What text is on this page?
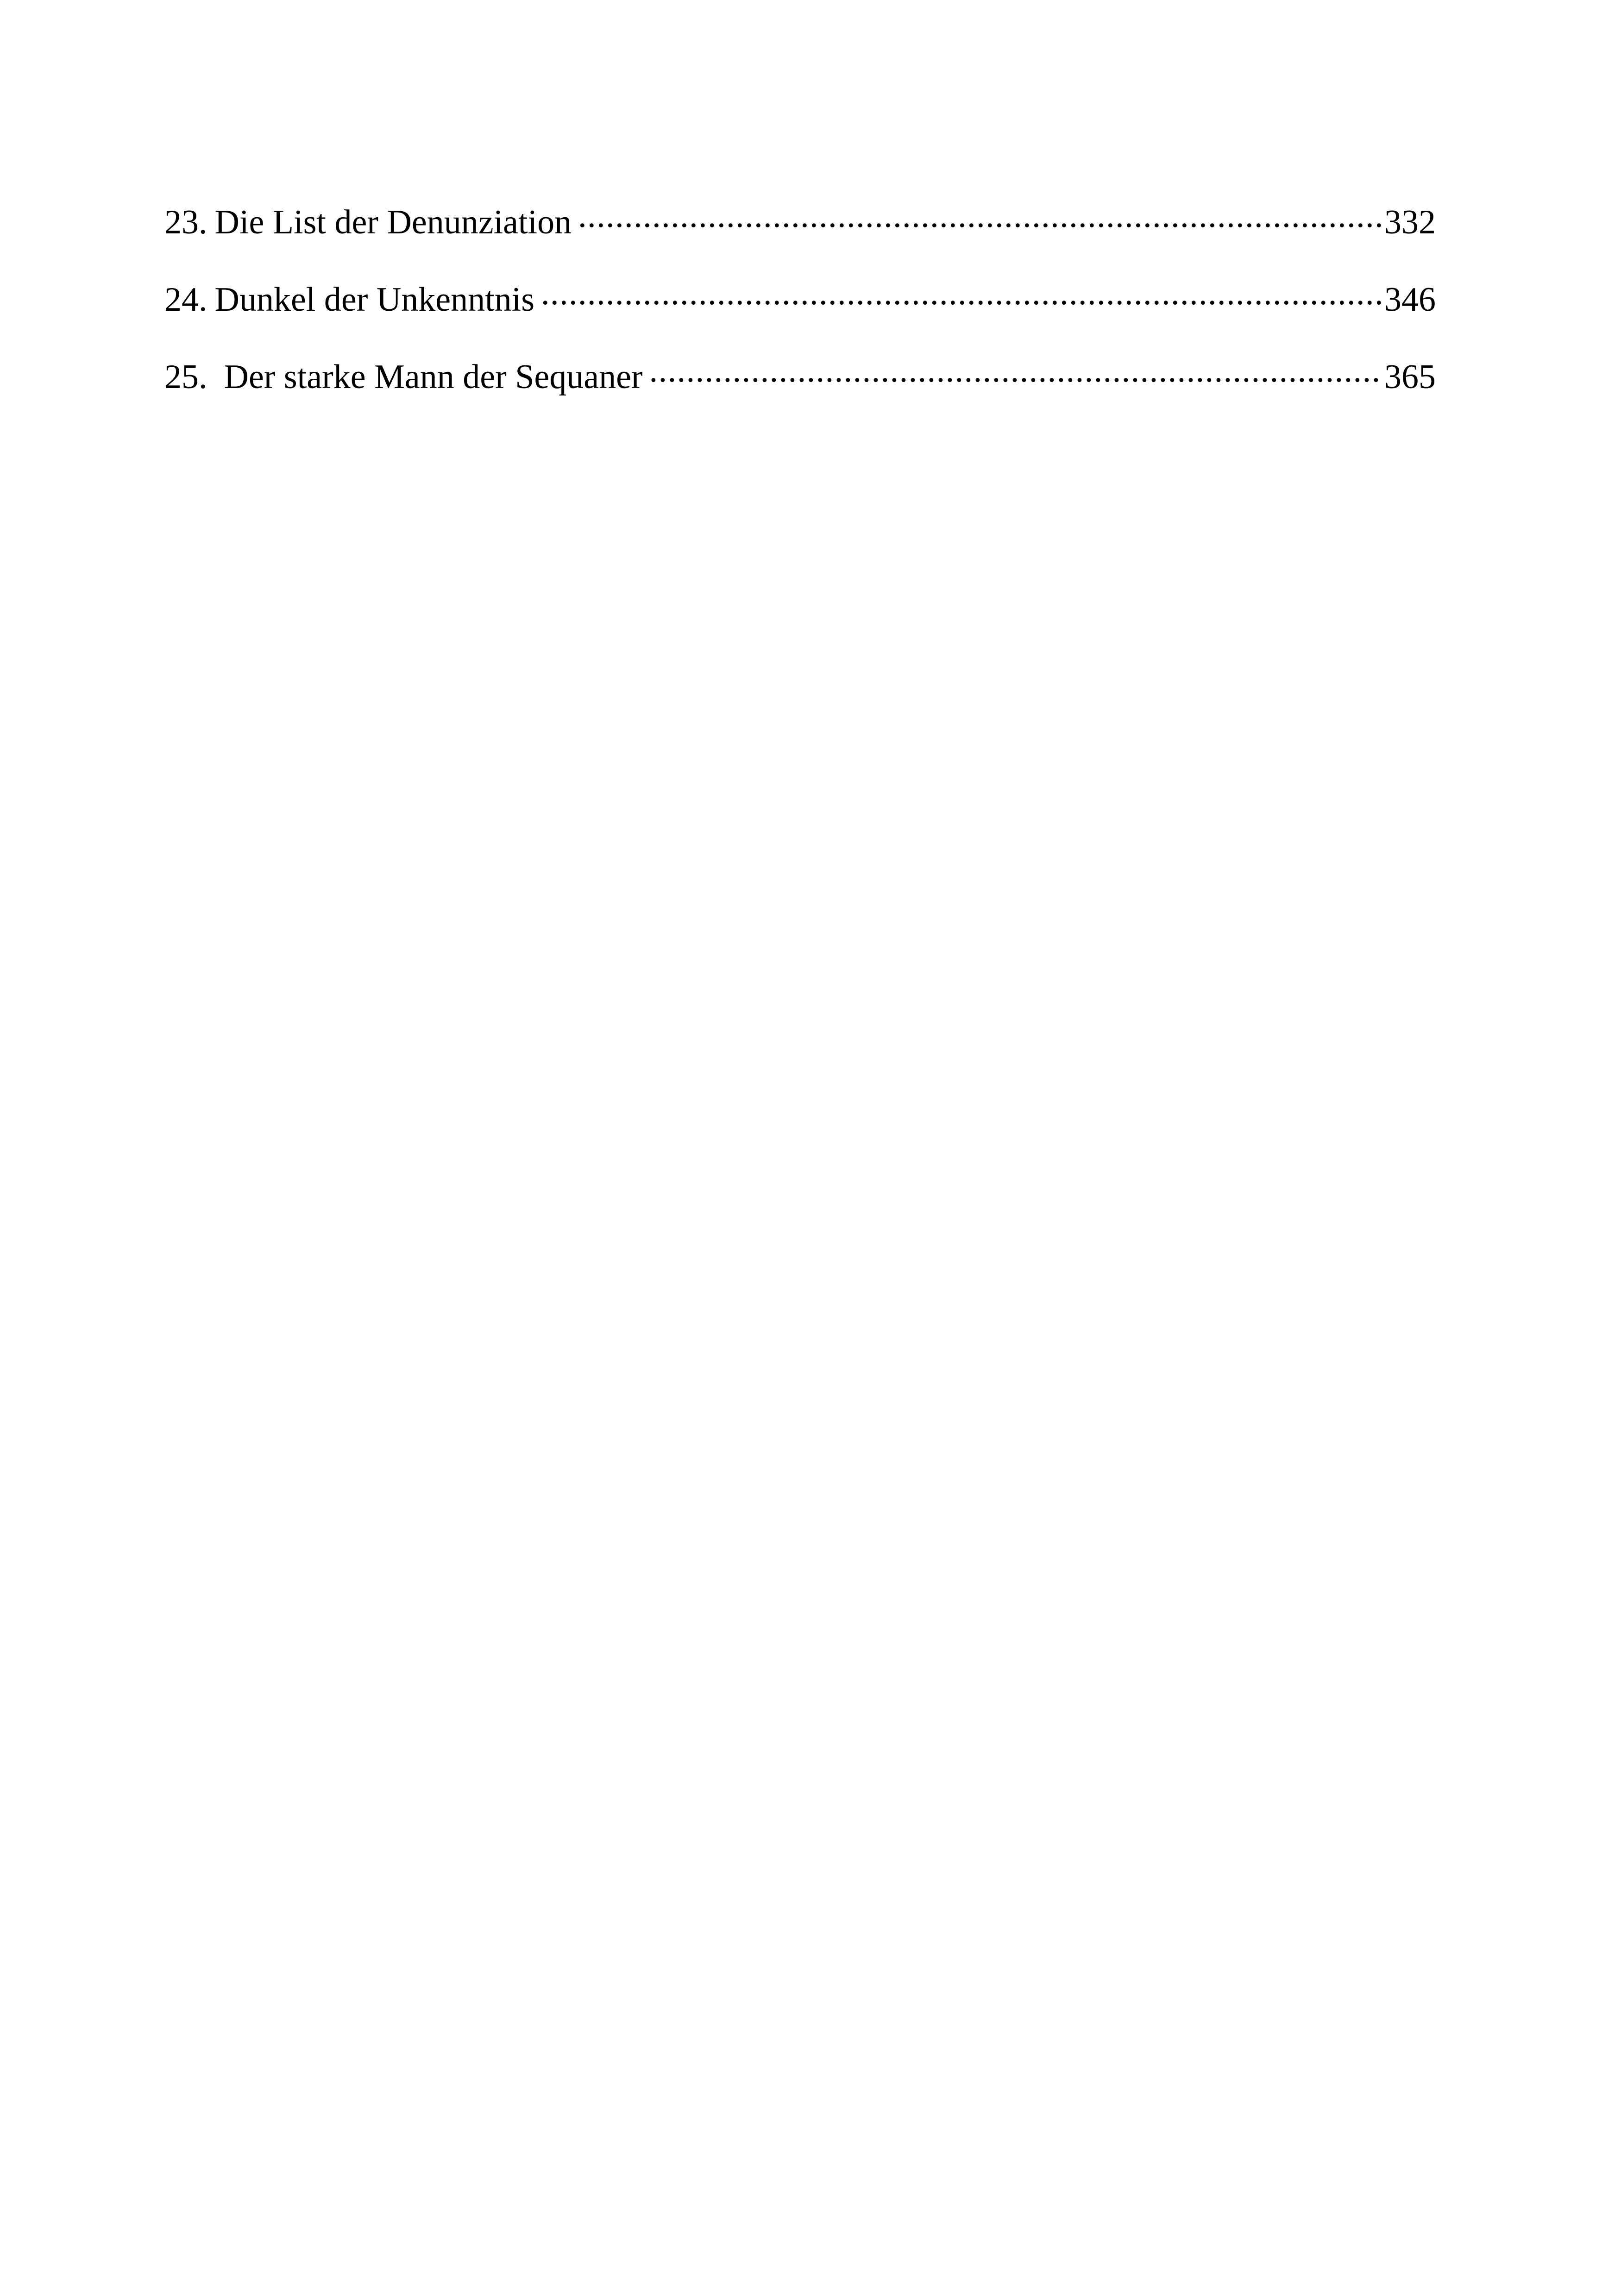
23. Die List der Denunziation .....	332
24. Dunkel der Unkenntnis .....	346
25. Der starke Mann der Sequaner .....	365
